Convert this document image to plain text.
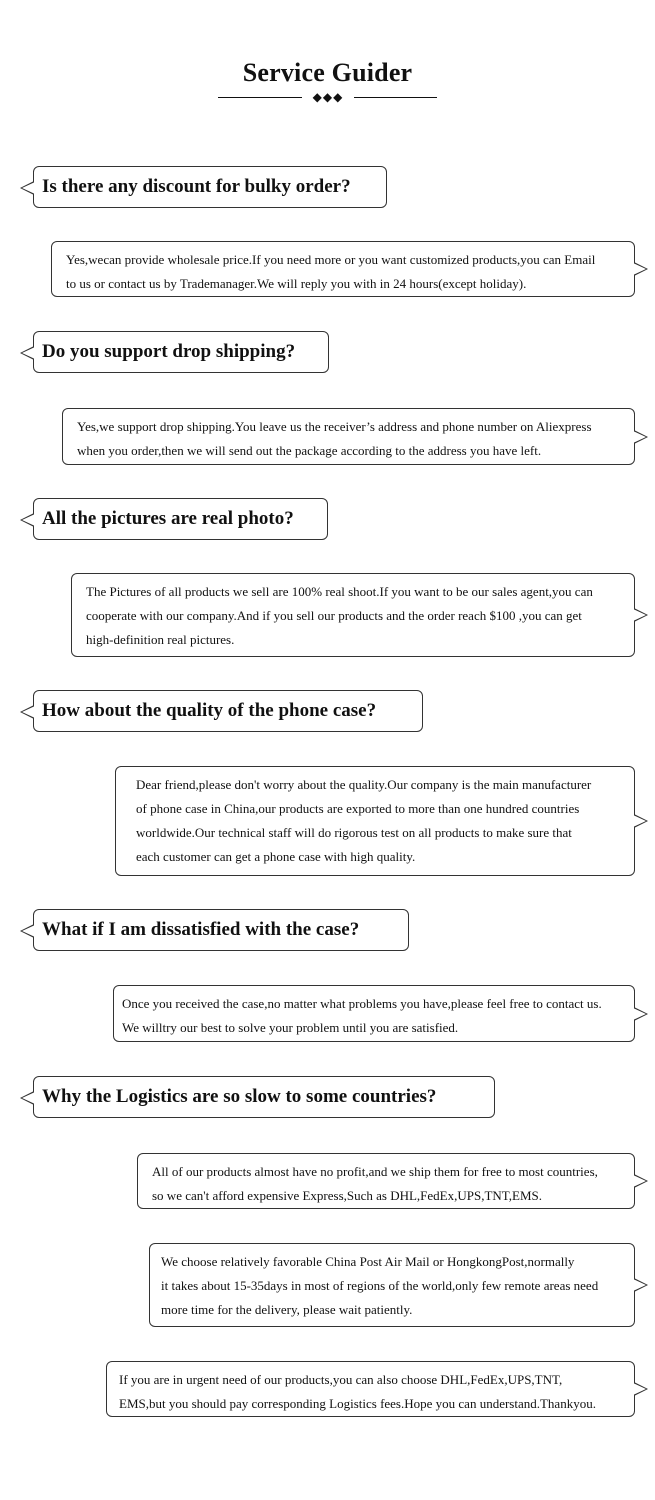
Service Guider
◆◆◆
Is there any discount for bulky order?
Yes,wecan provide wholesale price.If you need more or you want customized products,you can Email
to us or contact us by Trademanager.We will reply you with in 24 hours(except holiday).
Do you support drop shipping?
Yes,we support drop shipping.You leave us the receiver’s address and phone number on Aliexpress
when you order,then we will send out the package according to the address you have left.
All the pictures are real photo?
The Pictures of all products we sell are 100% real shoot.If you want to be our sales agent,you can
cooperate with our company.And if you sell our products and the order reach $100 ,you can get
high-definition real pictures.
How about the quality of the phone case?
Dear friend,please don't worry about the quality.Our company is the main manufacturer
of phone case in China,our products are exported to more than one hundred countries
worldwide.Our technical staff will do rigorous test on all products to make sure that
each customer can get a phone case with high quality.
What if I am dissatisfied with the case?
Once you received the case,no matter what problems you have,please feel free to contact us.
We willtry our best to solve your problem until you are satisfied.
Why the Logistics are so slow to some countries?
All of our products almost have no profit,and we ship them for free to most countries,
so we can't afford expensive Express,Such as DHL,FedEx,UPS,TNT,EMS.
We choose relatively favorable China Post Air Mail or HongkongPost,normally
it takes about 15-35days in most of regions of the world,only few remote areas need
more time for the delivery, please wait patiently.
If you are in urgent need of our products,you can also choose DHL,FedEx,UPS,TNT,
EMS,but you should pay corresponding Logistics fees.Hope you can understand.Thankyou.
